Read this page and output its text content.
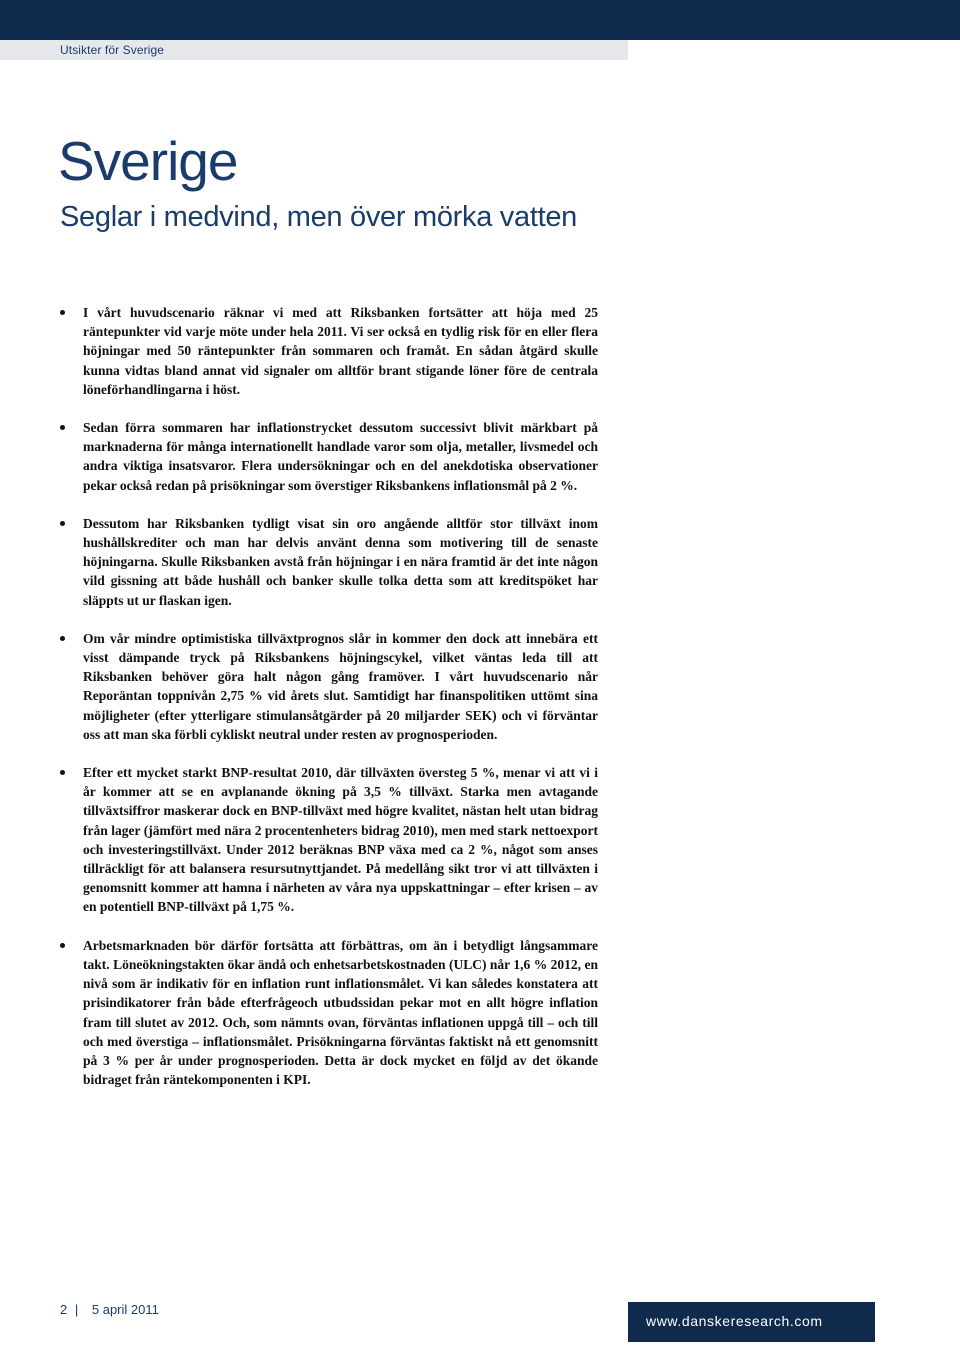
Utsikter för Sverige
Sverige
Seglar i medvind, men över mörka vatten
I vårt huvudscenario räknar vi med att Riksbanken fortsätter att höja med 25 räntepunkter vid varje möte under hela 2011. Vi ser också en tydlig risk för en eller flera höjningar med 50 räntepunkter från sommaren och framåt. En sådan åtgärd skulle kunna vidtas bland annat vid signaler om alltför brant stigande löner före de centrala löneförhandlingarna i höst.
Sedan förra sommaren har inflationstrycket dessutom successivt blivit märkbart på marknaderna för många internationellt handlade varor som olja, metaller, livsmedel och andra viktiga insatsvaror. Flera undersökningar och en del anekdotiska observationer pekar också redan på prisökningar som överstiger Riksbankens inflationsmål på 2 %.
Dessutom har Riksbanken tydligt visat sin oro angående alltför stor tillväxt inom hushållskrediter och man har delvis använt denna som motivering till de senaste höjningarna. Skulle Riksbanken avstå från höjningar i en nära framtid är det inte någon vild gissning att både hushåll och banker skulle tolka detta som att kreditspöket har släppts ut ur flaskan igen.
Om vår mindre optimistiska tillväxtprognos slår in kommer den dock att innebära ett visst dämpande tryck på Riksbankens höjningscykel, vilket väntas leda till att Riksbanken behöver göra halt någon gång framöver. I vårt huvudscenario når Reporäntan toppnivån 2,75 % vid årets slut. Samtidigt har finanspolitiken uttömt sina möjligheter (efter ytterligare stimulansåtgärder på 20 miljarder SEK) och vi förväntar oss att man ska förbli cykliskt neutral under resten av prognosperioden.
Efter ett mycket starkt BNP-resultat 2010, där tillväxten översteg 5 %, menar vi att vi i år kommer att se en avplanande ökning på 3,5 % tillväxt. Starka men avtagande tillväxtsiffror maskerar dock en BNP-tillväxt med högre kvalitet, nästan helt utan bidrag från lager (jämfört med nära 2 procentenheters bidrag 2010), men med stark nettoexport och investeringstillväxt. Under 2012 beräknas BNP växa med ca 2 %, något som anses tillräckligt för att balansera resursutnyttjandet. På medellång sikt tror vi att tillväxten i genomsnitt kommer att hamna i närheten av våra nya uppskattningar – efter krisen – av en potentiell BNP-tillväxt på 1,75 %.
Arbetsmarknaden bör därför fortsätta att förbättras, om än i betydligt långsammare takt. Löneökningstakten ökar ändå och enhetsarbetskostnaden (ULC) når 1,6 % 2012, en nivå som är indikativ för en inflation runt inflationsmålet. Vi kan således konstatera att prisindikatorer från både efterfrågeoch utbudssidan pekar mot en allt högre inflation fram till slutet av 2012. Och, som nämnts ovan, förväntas inflationen uppgå till – och till och med överstiga – inflationsmålet. Prisökningarna förväntas faktiskt nå ett genomsnitt på 3 % per år under prognosperioden. Detta är dock mycket en följd av det ökande bidraget från räntekomponenten i KPI.
2 | 5 april 2011
www.danskeresearch.com
